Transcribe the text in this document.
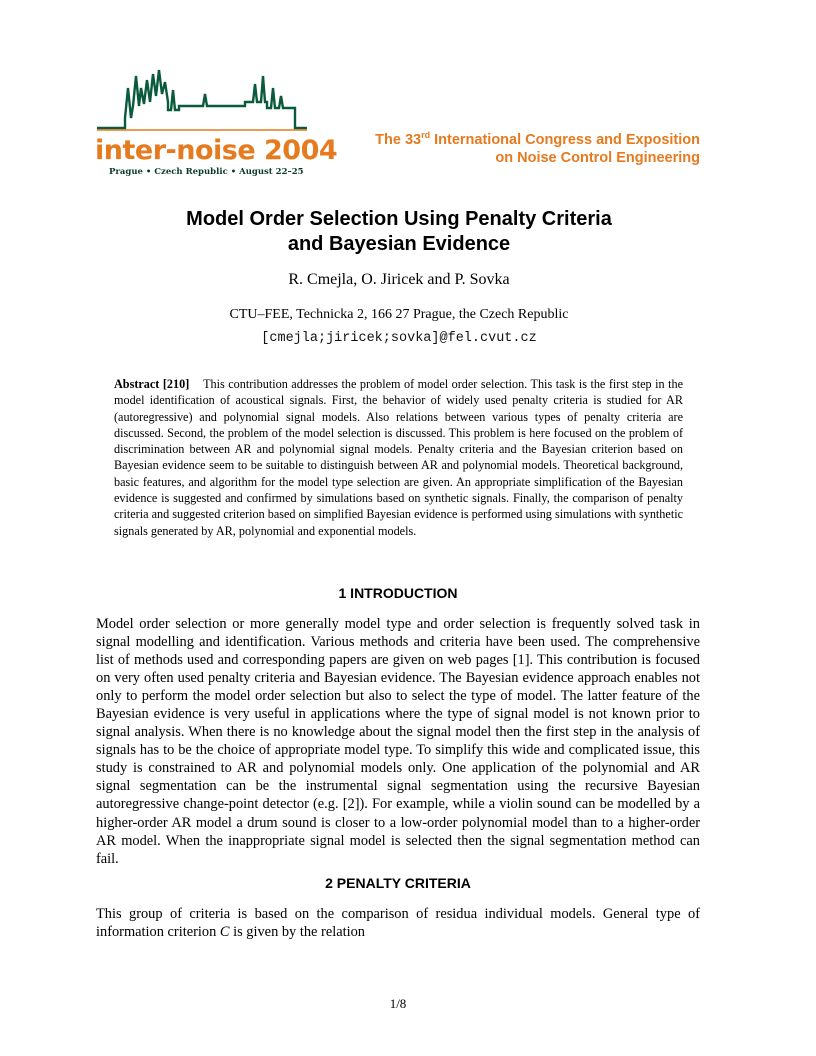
inter-noise 2004
Prague • Czech Republic • August 22–25
The 33rd International Congress and Exposition
on Noise Control Engineering
Model Order Selection Using Penalty Criteria
and Bayesian Evidence
R. Cmejla, O. Jiricek and P. Sovka
CTU–FEE, Technicka 2, 166 27 Prague, the Czech Republic
[cmejla;jiricek;sovka]@fel.cvut.cz
Abstract [210] This contribution addresses the problem of model order selection. This task is the first step in the model identification of acoustical signals. First, the behavior of widely used penalty criteria is studied for AR (autoregressive) and polynomial signal models. Also relations between various types of penalty criteria are discussed. Second, the problem of the model selection is discussed. This problem is here focused on the problem of discrimination between AR and polynomial signal models. Penalty criteria and the Bayesian criterion based on Bayesian evidence seem to be suitable to distinguish between AR and polynomial models. Theoretical background, basic features, and algorithm for the model type selection are given. An appropriate simplification of the Bayesian evidence is suggested and confirmed by simulations based on synthetic signals. Finally, the comparison of penalty criteria and suggested criterion based on simplified Bayesian evidence is performed using simulations with synthetic signals generated by AR, polynomial and exponential models.
1 INTRODUCTION
Model order selection or more generally model type and order selection is frequently solved task in signal modelling and identification. Various methods and criteria have been used. The comprehensive list of methods used and corresponding papers are given on web pages [1]. This contribution is focused on very often used penalty criteria and Bayesian evidence. The Bayesian evidence approach enables not only to perform the model order selection but also to select the type of model. The latter feature of the Bayesian evidence is very useful in applications where the type of signal model is not known prior to signal analysis. When there is no knowledge about the signal model then the first step in the analysis of signals has to be the choice of appropriate model type. To simplify this wide and complicated issue, this study is constrained to AR and polynomial models only. One application of the polynomial and AR signal segmentation can be the instrumental signal segmentation using the recursive Bayesian autoregressive change-point detector (e.g. [2]). For example, while a violin sound can be modelled by a higher-order AR model a drum sound is closer to a low-order polynomial model than to a higher-order AR model. When the inappropriate signal model is selected then the signal segmentation method can fail.
2 PENALTY CRITERIA
This group of criteria is based on the comparison of residua individual models. General type of information criterion C is given by the relation
1/8
